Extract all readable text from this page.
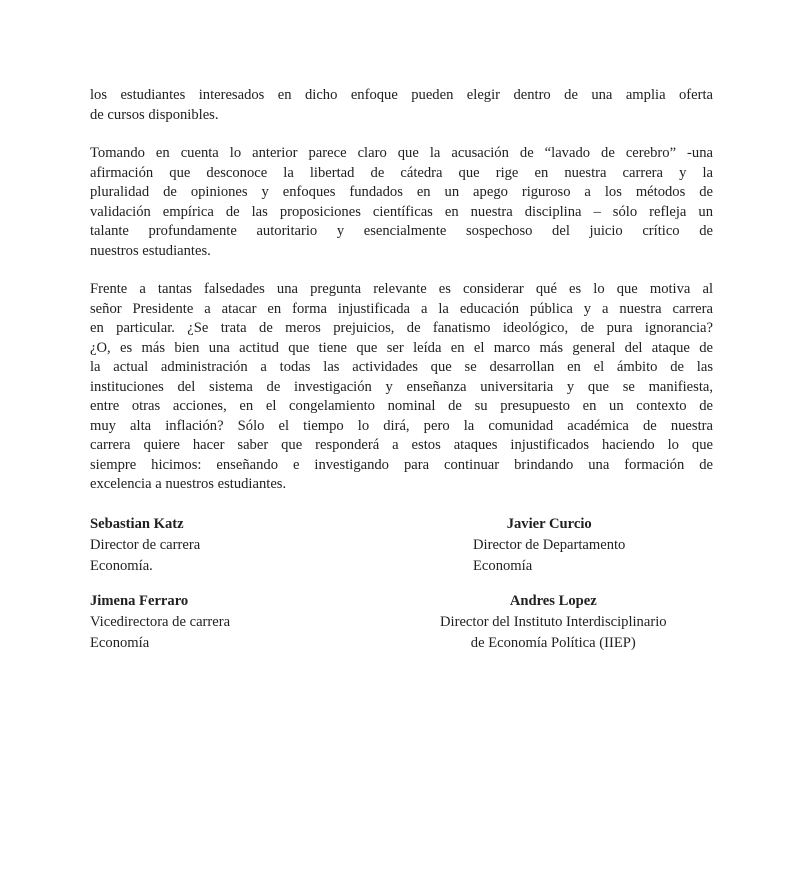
los estudiantes interesados en dicho enfoque pueden elegir dentro de una amplia oferta
de cursos disponibles.

Tomando en cuenta lo anterior parece claro que la acusación de “lavado de cerebro” -una
afirmación que desconoce la libertad de cátedra que rige en nuestra carrera y la
pluralidad de opiniones y enfoques fundados en un apego riguroso a los métodos de
validación empírica de las proposiciones científicas en nuestra disciplina – sólo refleja un
talante profundamente autoritario y esencialmente sospechoso del juicio crítico de
nuestros estudiantes.

Frente a tantas falsedades una pregunta relevante es considerar qué es lo que motiva al
señor Presidente a atacar en forma injustificada a la educación pública y a nuestra carrera
en particular. ¿Se trata de meros prejuicios, de fanatismo ideológico, de pura ignorancia?
¿O, es más bien una actitud que tiene que ser leída en el marco más general del ataque de
la actual administración a todas las actividades que se desarrollan en el ámbito de las
instituciones del sistema de investigación y enseñanza universitaria y que se manifiesta,
entre otras acciones, en el congelamiento nominal de su presupuesto en un contexto de
muy alta inflación? Sólo el tiempo lo dirá, pero la comunidad académica de nuestra
carrera quiere hacer saber que responderá a estos ataques injustificados haciendo lo que
siempre hicimos: enseñando e investigando para continuar brindando una formación de
excelencia a nuestros estudiantes.

Sebastian Katz
Director de carrera
Economía.
Javier Curcio
Director de Departamento
Economía
Jimena Ferraro
Vicedirectora de carrera
Economía
Andres Lopez
Director del Instituto Interdisciplinario
de Economía Política (IIEP)
